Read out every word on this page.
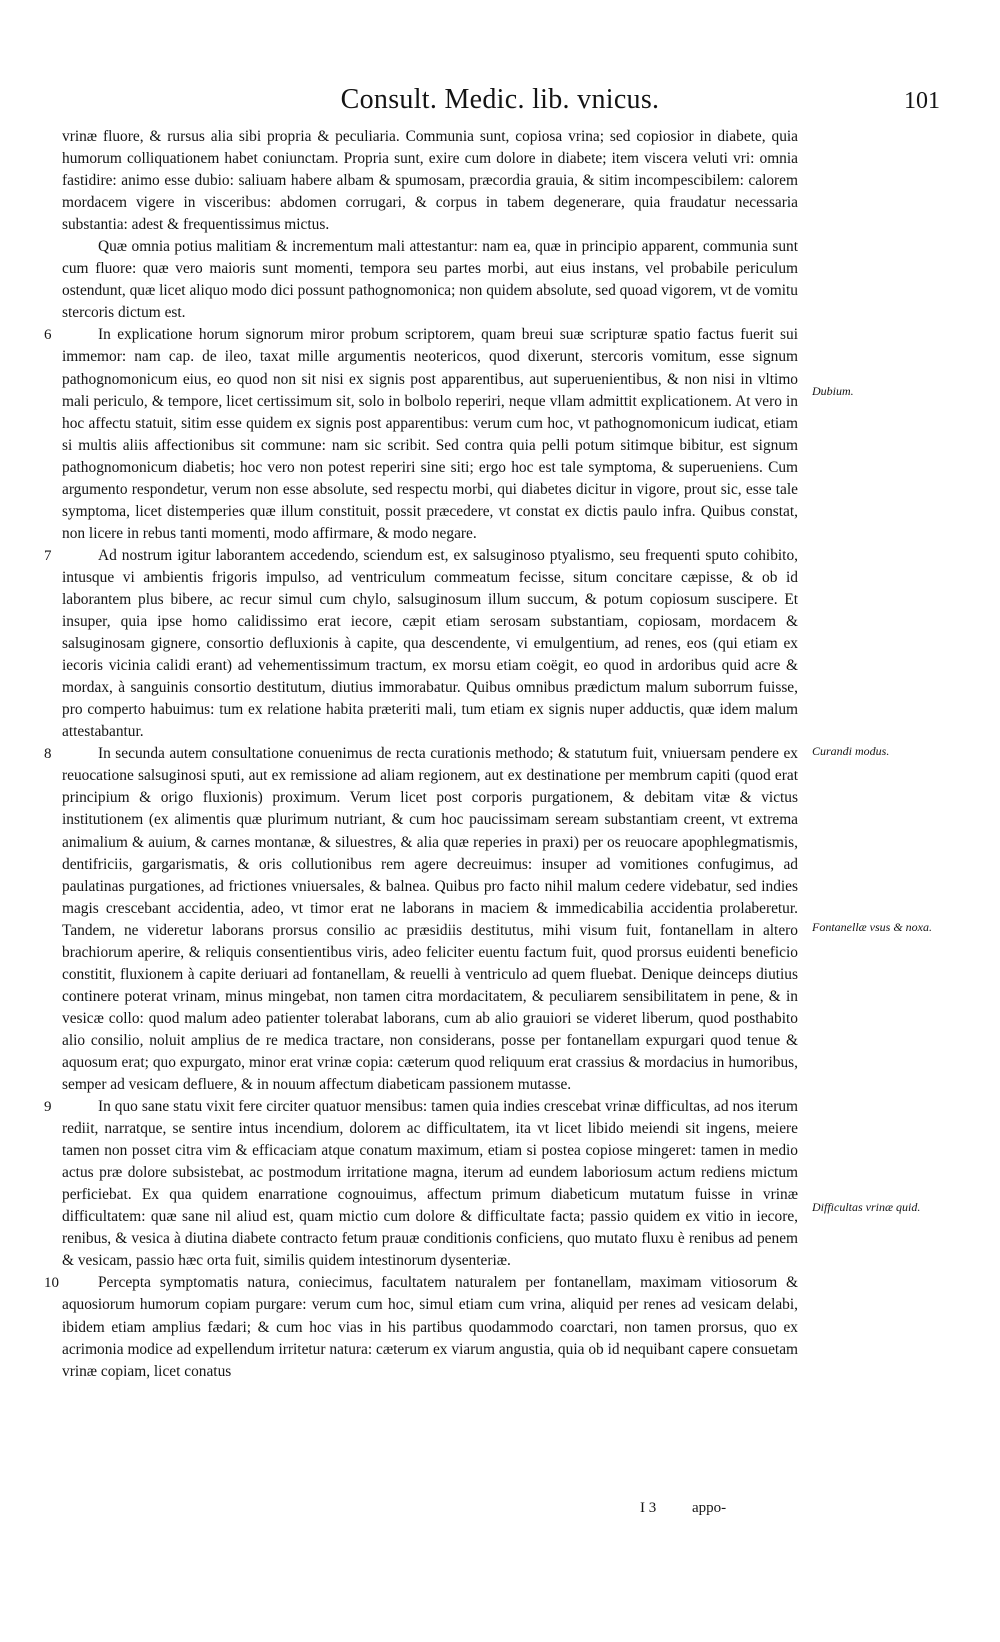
Consult. Medic. lib. vnicus.	101

vrinæ fluore, & rursus alia sibi propria & peculiaria. Communia sunt, copiosa vrina; sed copiosior in diabete, quia humorum colliquationem habet coniunctam. Propria sunt, exire cum dolore in diabete; item viscera veluti vri: omnia fastidire: animo esse dubio: saliuam habere albam & spumosam, præcordia grauia, & sitim incompescibilem: calorem mordacem vigere in visceribus: abdomen corrugari, & corpus in tabem degenerare, quia fraudatur necessaria substantia: adest & frequentissimus mictus.

Quæ omnia potius malitiam & incrementum mali attestantur: nam ea, quæ in principio apparent, communia sunt cum fluore: quæ vero maioris sunt momenti, tempora seu partes morbi, aut eius instans, vel probabile periculum ostendunt, quæ licet aliquo modo dici possunt pathognomonica; non quidem absolute, sed quoad vigorem, vt de vomitu stercoris dictum est.

6	In explicatione horum signorum miror probum scriptorem, quam breui suæ scripturæ spatio factus fuerit sui immemor: nam cap. de ileo, taxat mille argumentis neotericos, quod dixerunt, stercoris vomitum, esse signum pathognomonicum eius, eo quod non sit nisi ex signis post apparentibus, aut superuenientibus, & non nisi in vltimo mali periculo, & tempore, licet certissimum sit, solo in bolbolo reperiri, neque vllam admittit explicationem. At vero in hoc affectu statuit, sitim esse quidem ex signis post apparentibus: verum cum hoc, vt pathognomonicum iudicat, etiam si multis aliis affectionibus sit commune: nam sic scribit. Sed contra quia pelli potum sitimque bibitur, est signum pathognomonicum diabetis; hoc vero non potest reperiri sine siti; ergo hoc est tale symptoma, & superueniens. Cum argumento respondetur, verum non esse absolute, sed respectu morbi, qui diabetes dicitur in vigore, prout sic, esse tale symptoma, licet distemperies quæ illum constituit, possit præcedere, vt constat ex dictis paulo infra. Quibus constat, non licere in rebus tanti momenti, modo affirmare, & modo negare.

7	Ad nostrum igitur laborantem accedendo, sciendum est, ex salsuginoso ptyalismo, seu frequenti sputo cohibito, intusque vi ambientis frigoris impulso, ad ventriculum commeatum fecisse, situm concitare cæpisse, & ob id laborantem plus bibere, ac recur simul cum chylo, salsuginosum illum succum, & potum copiosum suscipere. Et insuper, quia ipse homo calidissimo erat iecore, cæpit etiam serosam substantiam, copiosam, mordacem & salsuginosam gignere, consortio defluxionis à capite, qua descendente, vi emulgentium, ad renes, eos (qui etiam ex iecoris vicinia calidi erant) ad vehementissimum tractum, ex morsu etiam coëgit, eo quod in ardoribus quid acre & mordax, à sanguinis consortio destitutum, diutius immorabatur. Quibus omnibus prædictum malum suborrum fuisse, pro comperto habuimus: tum ex relatione habita præteriti mali, tum etiam ex signis nuper adductis, quæ idem malum attestabantur.

8	In secunda autem consultatione conuenimus de recta curationis methodo; & statutum fuit, vniuersam pendere ex reuocatione salsuginosi sputi, aut ex remissione ad aliam regionem, aut ex destinatione per membrum capiti (quod erat principium & origo fluxionis) proximum. Verum licet post corporis purgationem, & debitam vitæ & victus institutionem (ex alimentis quæ plurimum nutriant, & cum hoc paucissimam seream substantiam creent, vt extrema animalium & auium, & carnes montanæ, & siluestres, & alia quæ reperies in praxi) per os reuocare apophlegmatismis, dentifriciis, gargarismatis, & oris collutionibus rem agere decreuimus: insuper ad vomitiones confugimus, ad paulatinas purgationes, ad frictiones vniuersales, & balnea. Quibus pro facto nihil malum cedere videbatur, sed indies magis crescebant accidentia, adeo, vt timor erat ne laborans in maciem & immedicabilia accidentia prolaberetur. Tandem, ne videretur laborans prorsus consilio ac præsidiis destitutus, mihi visum fuit, fontanellam in altero brachiorum aperire, & reliquis consentientibus viris, adeo feliciter euentu factum fuit, quod prorsus euidenti beneficio constitit, fluxionem à capite deriuari ad fontanellam, & reuelli à ventriculo ad quem fluebat. Denique deinceps diutius continere poterat vrinam, minus mingebat, non tamen citra mordacitatem, & peculiarem sensibilitatem in pene, & in vesicæ collo: quod malum adeo patienter tolerabat laborans, cum ab alio grauiori se videret liberum, quod posthabito alio consilio, noluit amplius de re medica tractare, non considerans, posse per fontanellam expurgari quod tenue & aquosum erat; quo expurgato, minor erat vrinæ copia: cæterum quod reliquum erat crassius & mordacius in humoribus, semper ad vesicam defluere, & in nouum affectum diabeticam passionem mutasse.

9	In quo sane statu vixit fere circiter quatuor mensibus: tamen quia indies crescebat vrinæ difficultas, ad nos iterum rediit, narratque, se sentire intus incendium, dolorem ac difficultatem, ita vt licet libido meiendi sit ingens, meiere tamen non posset citra vim & efficaciam atque conatum maximum, etiam si postea copiose mingeret: tamen in medio actus præ dolore subsistebat, ac postmodum irritatione magna, iterum ad eundem laboriosum actum rediens mictum perficiebat. Ex qua quidem enarratione cognouimus, affectum primum diabeticum mutatum fuisse in vrinæ difficultatem: quæ sane nil aliud est, quam mictio cum dolore & difficultate facta; passio quidem ex vitio in iecore, renibus, & vesica à diutina diabete contracto fetum prauæ conditionis conficiens, quo mutato fluxu è renibus ad penem & vesicam, passio hæc orta fuit, similis quidem intestinorum dysenteriæ.

10	Percepta symptomatis natura, coniecimus, facultatem naturalem per fontanellam, maximam vitiosorum & aquosiorum humorum copiam purgare: verum cum hoc, simul etiam cum vrina, aliquid per renes ad vesicam delabi, ibidem etiam amplius fædari; & cum hoc vias in his partibus quodammodo coarctari, non tamen prorsus, quo ex acrimonia modice ad expellendum irritetur natura: cæterum ex viarum angustia, quia ob id nequibant capere consuetam vrinæ copiam, licet conatus

Dubium.
Curandi modus.
Fontanellæ vsus & noxa.
Difficultas vrinæ quid.
I 3 appo-
